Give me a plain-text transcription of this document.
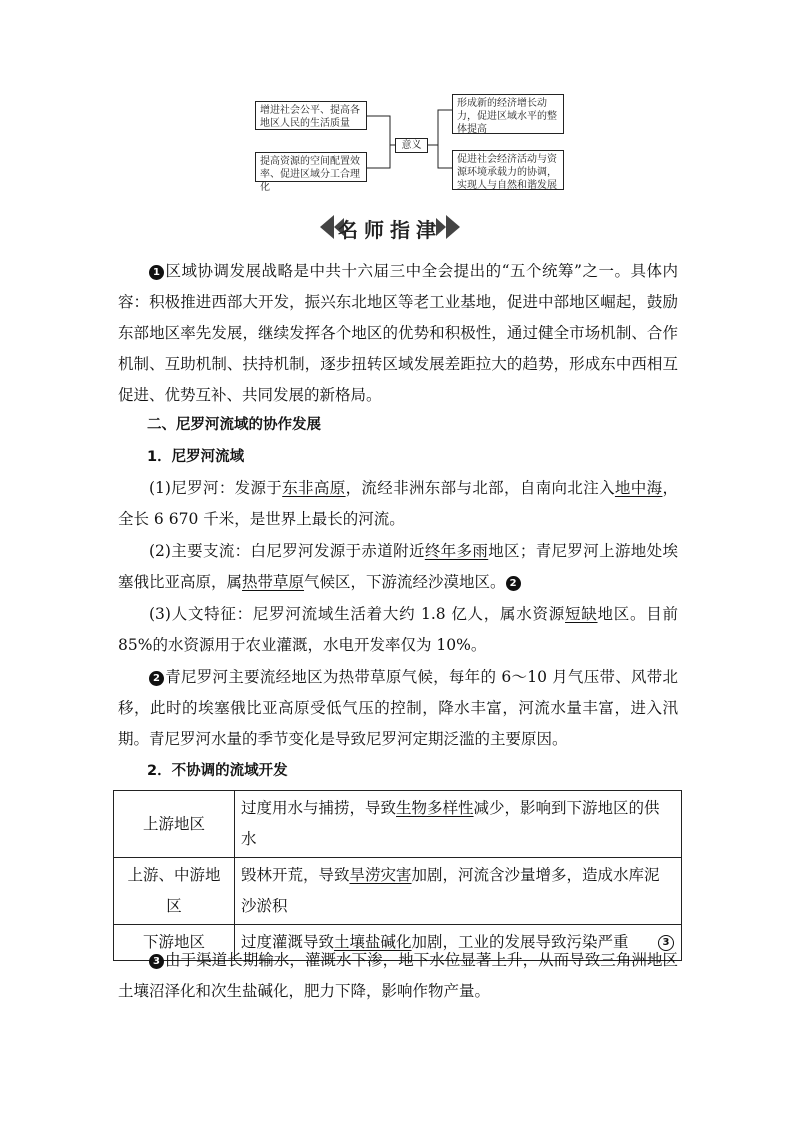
增进社会公平、提高各地区人民的生活质量
提高资源的空间配置效率、促进区域分工合理化
意义
形成新的经济增长动力，促进区域水平的整体提高
促进社会经济活动与资源环境承载力的协调，实现人与自然和谐发展
名师指津
1 区域协调发展战略是中共十六届三中全会提出的“五个统筹”之一。具体内容：积极推进西部大开发，振兴东北地区等老工业基地，促进中部地区崛起，鼓励东部地区率先发展，继续发挥各个地区的优势和积极性，通过健全市场机制、合作机制、互助机制、扶持机制，逐步扭转区域发展差距拉大的趋势，形成东中西相互促进、优势互补、共同发展的新格局。
二、尼罗河流域的协作发展
1．尼罗河流域
(1)尼罗河：发源于东非高原，流经非洲东部与北部，自南向北注入地中海，全长 6 670 千米，是世界上最长的河流。
(2)主要支流：白尼罗河发源于赤道附近终年多雨地区；青尼罗河上游地处埃塞俄比亚高原，属热带草原气候区，下游流经沙漠地区。 2
(3)人文特征：尼罗河流域生活着大约 1.8 亿人，属水资源短缺地区。目前 85%的水资源用于农业灌溉，水电开发率仅为 10%。
2 青尼罗河主要流经地区为热带草原气候，每年的 6～10 月气压带、风带北移，此时的埃塞俄比亚高原受低气压的控制，降水丰富，河流水量丰富，进入汛期。青尼罗河水量的季节变化是导致尼罗河定期泛滥的主要原因。
2．不协调的流域开发
上游地区	过度用水与捕捞，导致生物多样性减少，影响到下游地区的供水
上游、中游地区	毁林开荒，导致旱涝灾害加剧，河流含沙量增多，造成水库泥沙淤积
下游地区	过度灌溉导致土壤盐碱化加剧，工业的发展导致污染严重 3
3 由于渠道长期输水，灌溉水下渗，地下水位显著上升，从而导致三角洲地区土壤沼泽化和次生盐碱化，肥力下降，影响作物产量。
